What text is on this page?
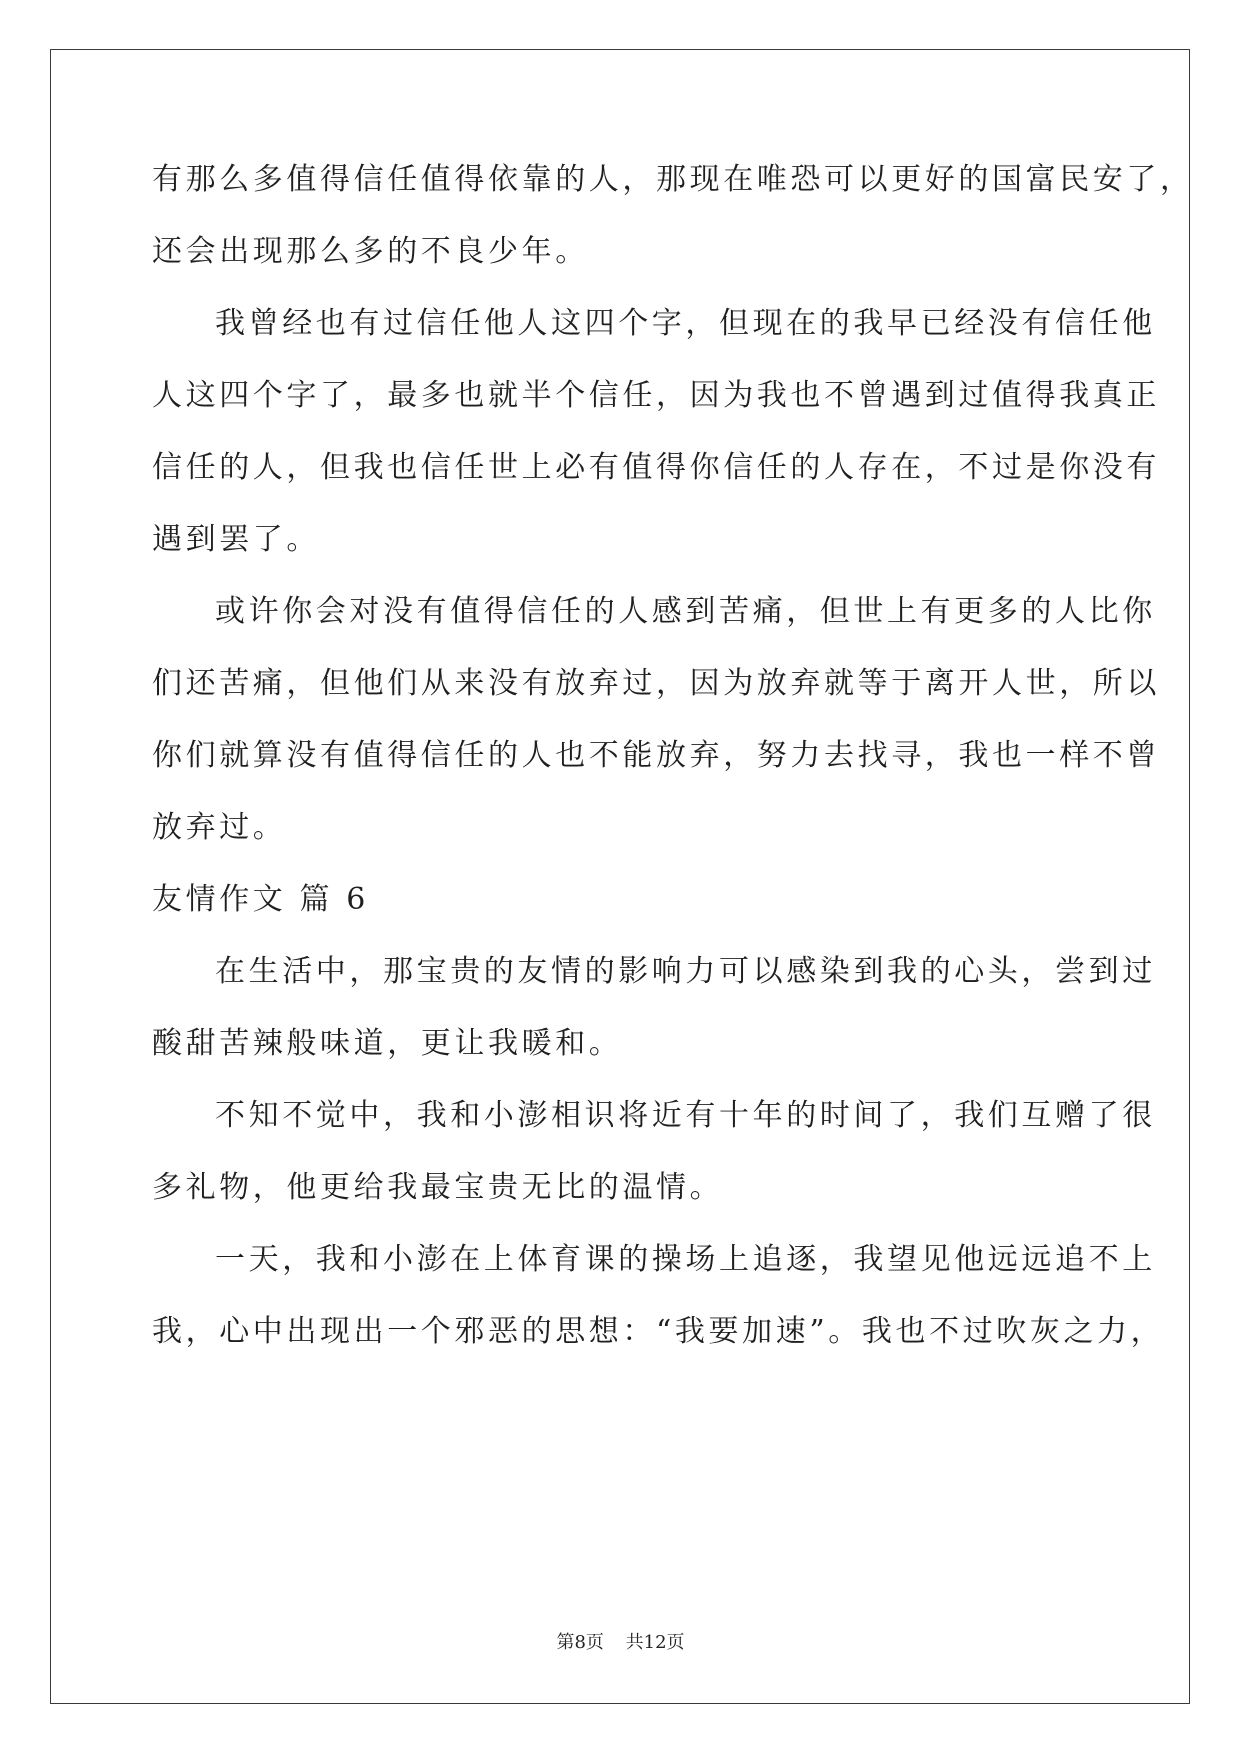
有那么多值得信任值得依靠的人，那现在唯恐可以更好的国富民安了，
还会出现那么多的不良少年。
我曾经也有过信任他人这四个字，但现在的我早已经没有信任他
人这四个字了，最多也就半个信任，因为我也不曾遇到过值得我真正
信任的人，但我也信任世上必有值得你信任的人存在，不过是你没有
遇到罢了。
或许你会对没有值得信任的人感到苦痛，但世上有更多的人比你
们还苦痛，但他们从来没有放弃过，因为放弃就等于离开人世，所以
你们就算没有值得信任的人也不能放弃，努力去找寻，我也一样不曾
放弃过。
友情作文 篇 6
在生活中，那宝贵的友情的影响力可以感染到我的心头，尝到过
酸甜苦辣般味道，更让我暖和。
不知不觉中，我和小澎相识将近有十年的时间了，我们互赠了很
多礼物，他更给我最宝贵无比的温情。
一天，我和小澎在上体育课的操场上追逐，我望见他远远追不上
我，心中出现出一个邪恶的思想：“我要加速”。我也不过吹灰之力，
第8页 共12页
